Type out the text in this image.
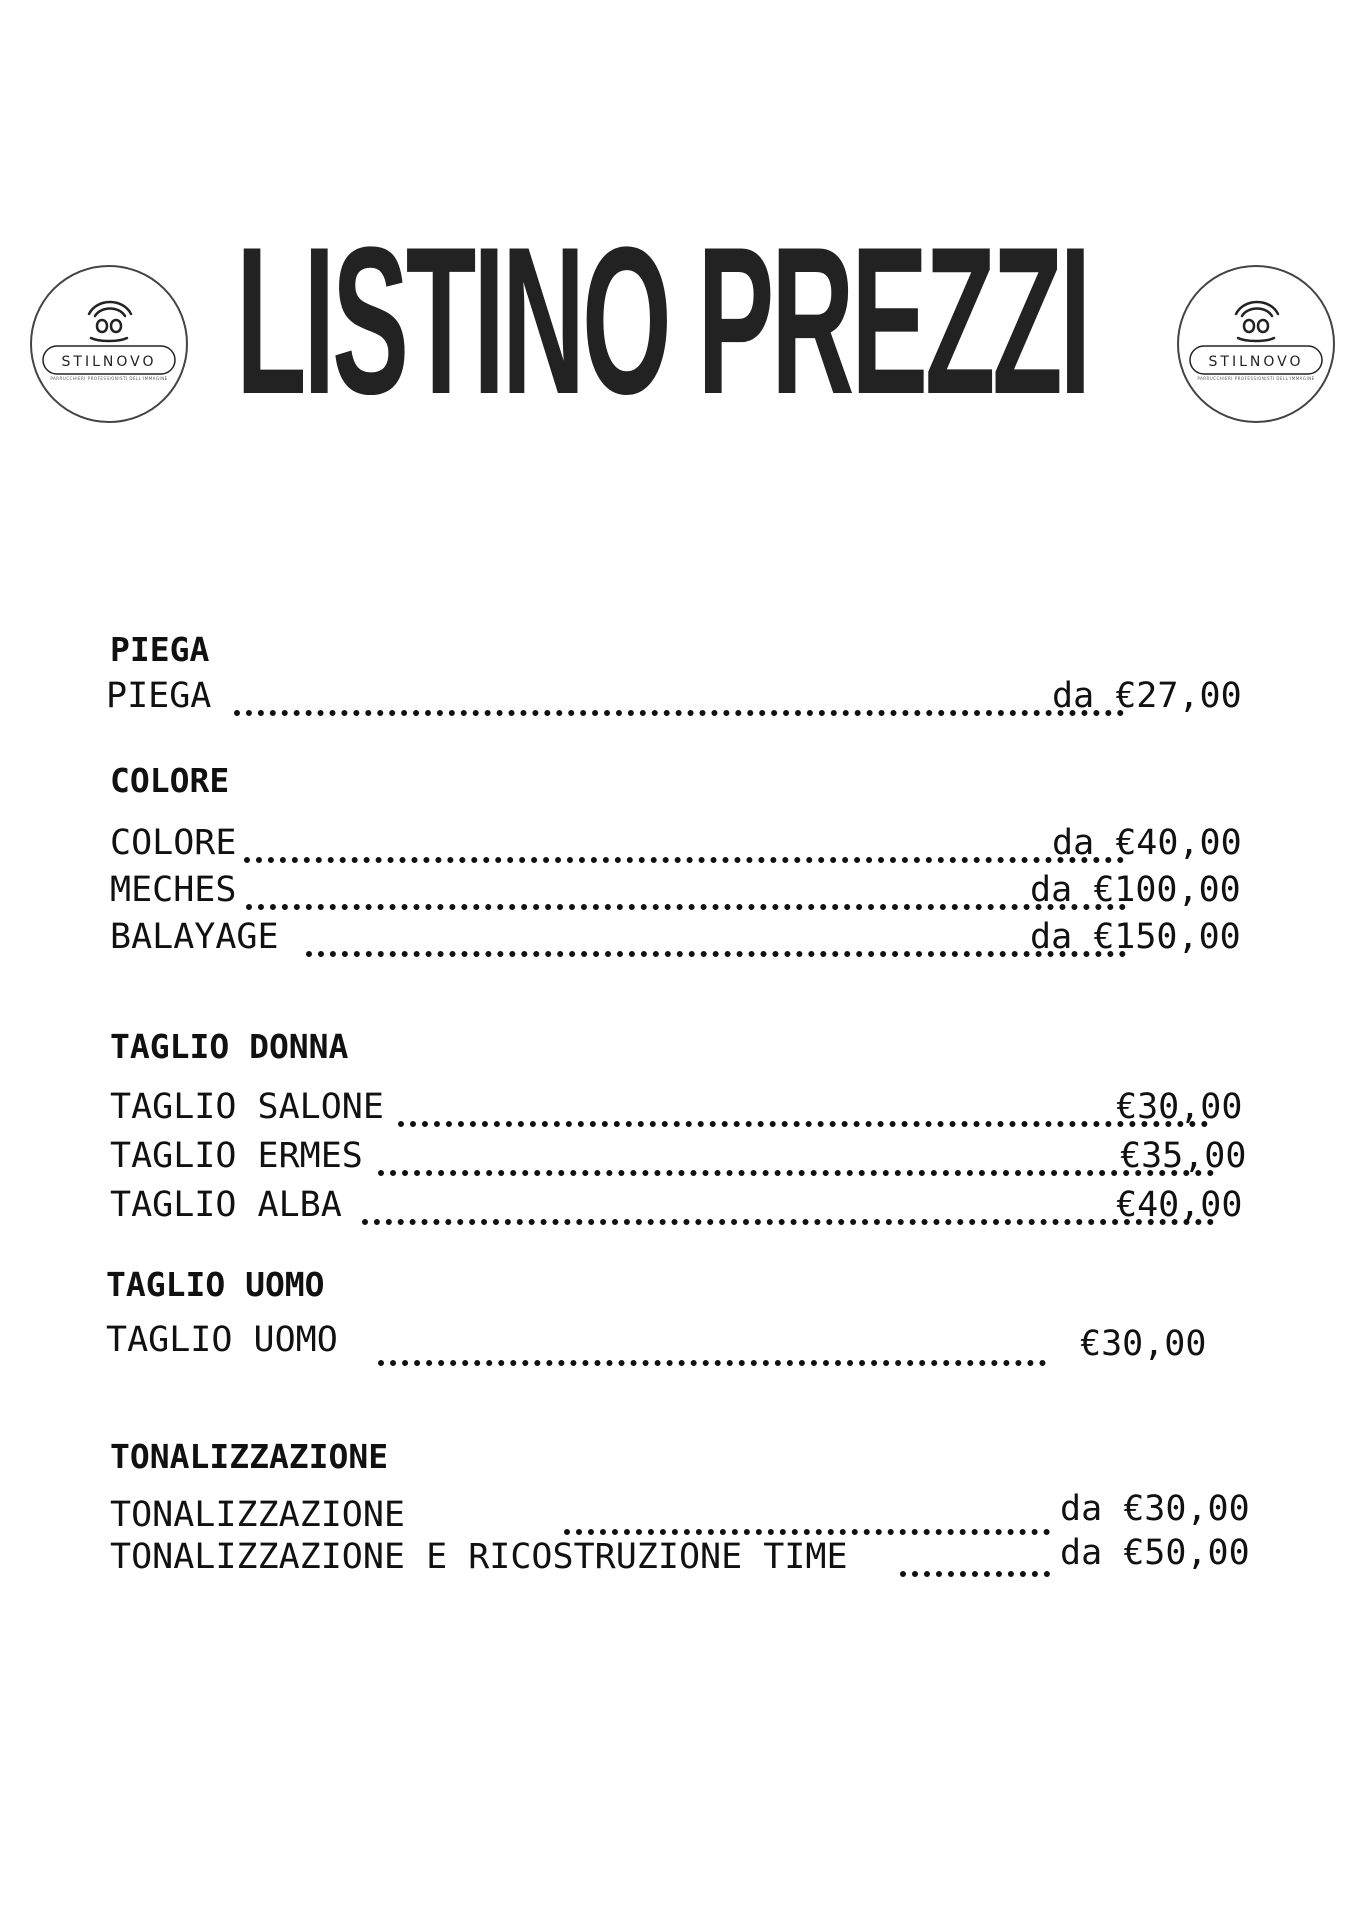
LISTINO PREZZI
STILNOVO
PARRUCCHIERI PROFESSIONISTI DELL'IMMAGINE
STILNOVO
PARRUCCHIERI PROFESSIONISTI DELL'IMMAGINE
PIEGA
PIEGA	da €27,00
COLORE
COLORE	da €40,00
MECHES	da €100,00
BALAYAGE	da €150,00
TAGLIO DONNA
TAGLIO SALONE	€30,00
TAGLIO ERMES	€35,00
TAGLIO ALBA	€40,00
TAGLIO UOMO
TAGLIO UOMO	€30,00
TONALIZZAZIONE
TONALIZZAZIONE	da €30,00
TONALIZZAZIONE E RICOSTRUZIONE TIME	da €50,00
